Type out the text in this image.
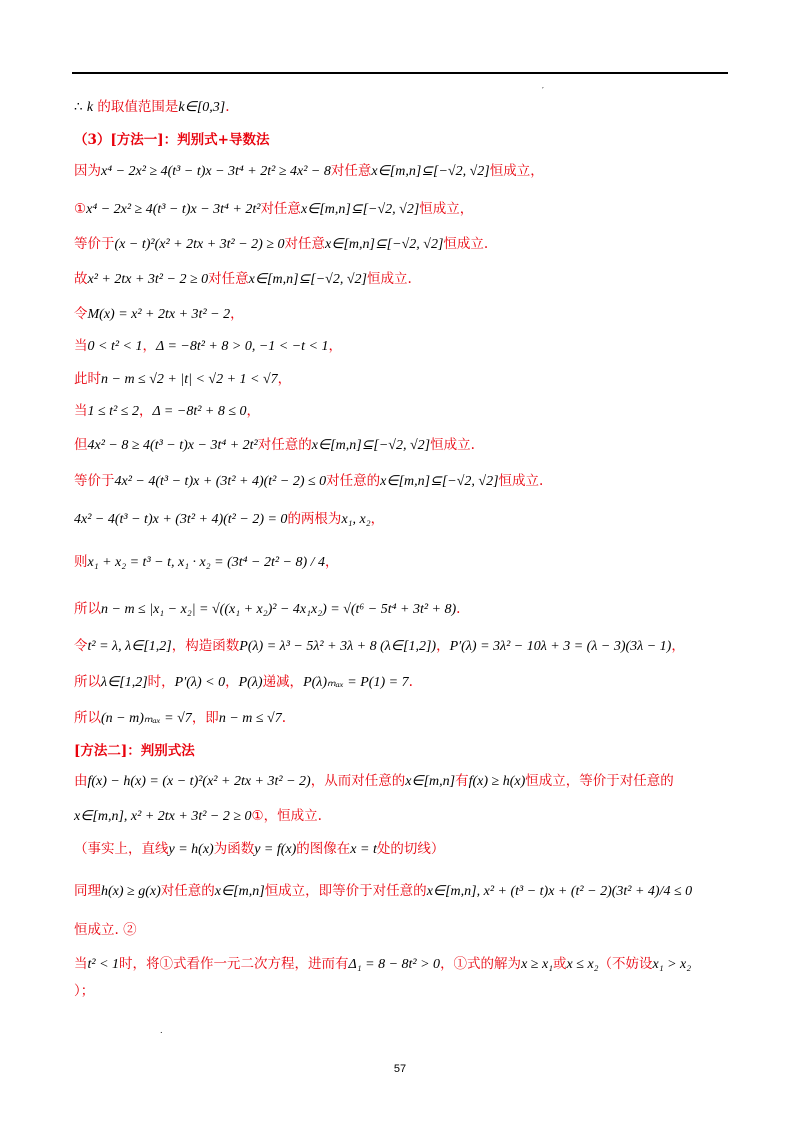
′
.
∴ k 的取值范围是k∈[0,3].
（3）[方法一]：判别式+导数法
因为x⁴ − 2x² ≥ 4(t³ − t)x − 3t⁴ + 2t² ≥ 4x² − 8对任意x∈[m,n]⊆[−√2, √2]恒成立，
①x⁴ − 2x² ≥ 4(t³ − t)x − 3t⁴ + 2t²对任意x∈[m,n]⊆[−√2, √2]恒成立，
等价于(x − t)²(x² + 2tx + 3t² − 2) ≥ 0对任意x∈[m,n]⊆[−√2, √2]恒成立.
故x² + 2tx + 3t² − 2 ≥ 0对任意x∈[m,n]⊆[−√2, √2]恒成立.
令M(x) = x² + 2tx + 3t² − 2，
当0 < t² < 1，Δ = −8t² + 8 > 0, −1 < −t < 1，
此时n − m ≤ √2 + |t| < √2 + 1 < √7，
当1 ≤ t² ≤ 2，Δ = −8t² + 8 ≤ 0，
但4x² − 8 ≥ 4(t³ − t)x − 3t⁴ + 2t²对任意的x∈[m,n]⊆[−√2, √2]恒成立.
等价于4x² − 4(t³ − t)x + (3t² + 4)(t² − 2) ≤ 0对任意的x∈[m,n]⊆[−√2, √2]恒成立.
4x² − 4(t³ − t)x + (3t² + 4)(t² − 2) = 0的两根为x₁, x₂，
则x₁ + x₂ = t³ − t, x₁ · x₂ = (3t⁴ − 2t² − 8) / 4，
所以n − m ≤ |x₁ − x₂| = √((x₁ + x₂)² − 4x₁x₂) = √(t⁶ − 5t⁴ + 3t² + 8).
令t² = λ, λ∈[1,2]，构造函数P(λ) = λ³ − 5λ² + 3λ + 8 (λ∈[1,2])，P′(λ) = 3λ² − 10λ + 3 = (λ − 3)(3λ − 1)，
所以λ∈[1,2]时，P′(λ) < 0，P(λ)递减，P(λ)ₘₐₓ = P(1) = 7.
所以(n − m)ₘₐₓ = √7，即n − m ≤ √7.
[方法二]：判别式法
由f(x) − h(x) = (x − t)²(x² + 2tx + 3t² − 2)，从而对任意的x∈[m,n]有f(x) ≥ h(x)恒成立，等价于对任意的
x∈[m,n], x² + 2tx + 3t² − 2 ≥ 0①，恒成立.
（事实上，直线y = h(x)为函数y = f(x)的图像在x = t处的切线）
同理h(x) ≥ g(x)对任意的x∈[m,n]恒成立，即等价于对任意的x∈[m,n], x² + (t³ − t)x + (t² − 2)(3t² + 4)/4 ≤ 0
恒成立. ②
当t² < 1时，将①式看作一元二次方程，进而有Δ₁ = 8 − 8t² > 0，①式的解为x ≥ x₁或x ≤ x₂（不妨设x₁ > x₂
）；
57
